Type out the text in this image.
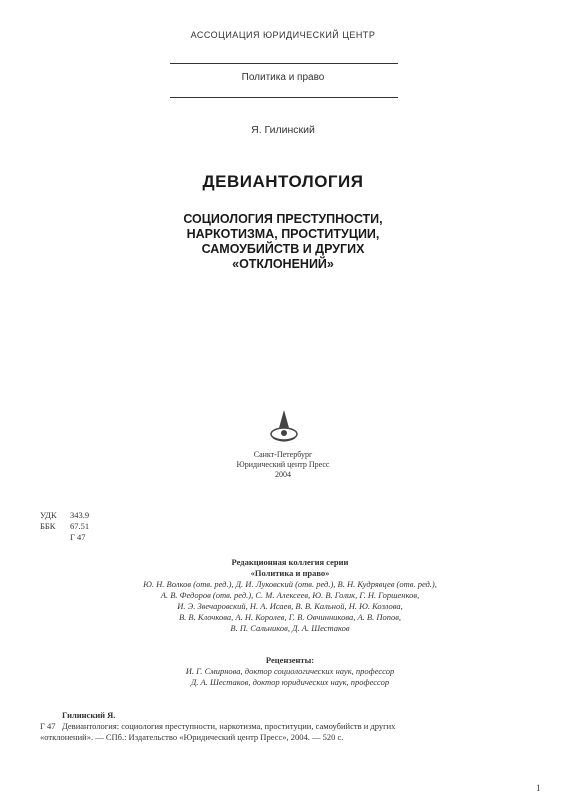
АССОЦИАЦИЯ ЮРИДИЧЕСКИЙ ЦЕНТР
Политика и право
Я. Гилинский
ДЕВИАНТОЛОГИЯ
СОЦИОЛОГИЯ ПРЕСТУПНОСТИ,
НАРКОТИЗМА, ПРОСТИТУЦИИ,
САМОУБИЙСТВ И ДРУГИХ
«ОТКЛОНЕНИЙ»
Санкт-Петербург
Юридический центр Пресс
2004
УДК	343.9
ББК	67.51
Г 47
Редакционная коллегия серии
«Политика и право»
Ю. Н. Волков (отв. ред.), Д. И. Луковский (отв. ред.), В. Н. Кудрявцев (отв. ред.),
А. В. Федоров (отв. ред.), С. М. Алексеев, Ю. В. Голик, Г. Н. Горшенков,
И. Э. Звечаровский, Н. А. Исаев, В. В. Кальной, Н. Ю. Козлова,
В. В. Клочкова, А. Н. Королев, Г. В. Овчинникова, А. В. Попов,
В. П. Сальников, Д. А. Шестаков
Рецензенты:
И. Г. Смирнова, доктор социологических наук, профессор
Д. А. Шестаков, доктор юридических наук, профессор
Гилинский Я.
Г 47 Девиантология: социология преступности, наркотизма, проституции, самоубийств и других
«отклонений». — СПб.: Издательство «Юридический центр Пресс», 2004. — 520 с.
1
